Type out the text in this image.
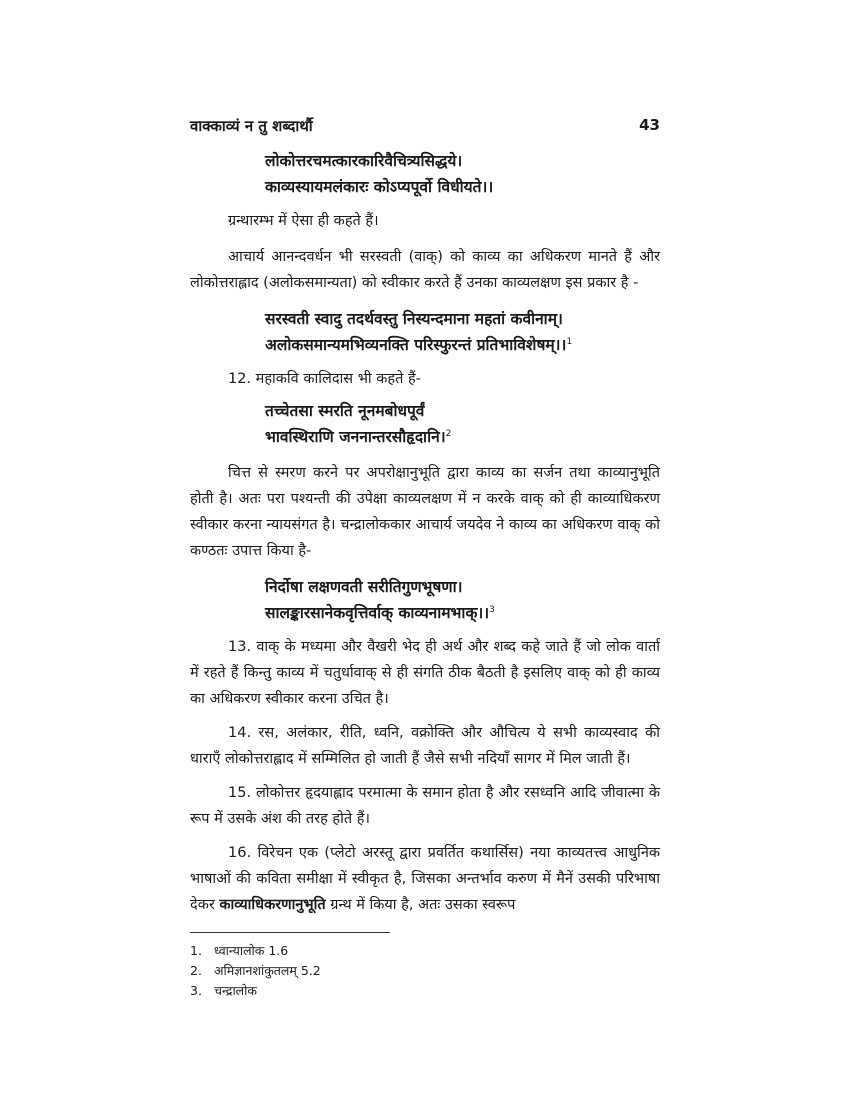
वाक्काव्यं न तु शब्दार्थौ	43
लोकोत्तरचमत्कारकारिवैचित्र्यसिद्धये।
काव्यस्यायमलंकारः कोऽप्यपूर्वो विधीयते।।
ग्रन्थारम्भ में ऐसा ही कहते हैं।

आचार्य आनन्दवर्धन भी सरस्वती (वाक्) को काव्य का अधिकरण मानते हैं और लोकोत्तराह्लाद (अलोकसमान्यता) को स्वीकार करते हैं उनका काव्यलक्षण इस प्रकार है -

सरस्वती स्वादु तदर्थवस्तु निस्यन्दमाना महतां कवीनाम्।
अलोकसमान्यमभिव्यनक्ति परिस्फुरन्तं प्रतिभाविशेषम्।।$^1$
12. महाकवि कालिदास भी कहते हैं-
तच्चेतसा स्मरति नूनमबोधपूर्वं
भावस्थिराणि जननान्तरसौहृदानि।$^2$

चित्त से स्मरण करने पर अपरोक्षानुभूति द्वारा काव्य का सर्जन तथा काव्यानुभूति होती है। अतः परा पश्यन्ती की उपेक्षा काव्यलक्षण में न करके वाक् को ही काव्याधिकरण स्वीकार करना न्यायसंगत है। चन्द्रालोककार आचार्य जयदेव ने काव्य का अधिकरण वाक् को कण्ठतः उपात्त किया है-

निर्दोषा लक्षणवती सरीतिगुणभूषणा।
सालङ्कारसानेकवृत्तिर्वाक् काव्यनामभाक्।।$^3$

13. वाक् के मध्यमा और वैखरी भेद ही अर्थ और शब्द कहे जाते हैं जो लोक वार्ता में रहते हैं किन्तु काव्य में चतुर्धावाक् से ही संगति ठीक बैठती है इसलिए वाक् को ही काव्य का अधिकरण स्वीकार करना उचित है।

14. रस, अलंकार, रीति, ध्वनि, वक्रोक्ति और औचित्य ये सभी काव्यस्वाद की धाराएँ लोकोत्तराह्लाद में सम्मिलित हो जाती हैं जैसे सभी नदियाँ सागर में मिल जाती हैं।

15. लोकोत्तर हृदयाह्लाद परमात्मा के समान होता है और रसध्वनि आदि जीवात्मा के रूप में उसके अंश की तरह होते हैं।

16. विरेचन एक (प्लेटो अरस्तू द्वारा प्रवर्तित कथार्सिस) नया काव्यतत्त्व आधुनिक भाषाओं की कविता समीक्षा में स्वीकृत है, जिसका अन्तर्भाव करुण में मैनें उसकी परिभाषा देकर काव्याधिकरणानुभूति ग्रन्थ में किया है, अतः उसका स्वरूप

1. ध्वान्यालोक 1.6
2. अमिज्ञानशांकुतलम् 5.2
3. चन्द्रालोक
